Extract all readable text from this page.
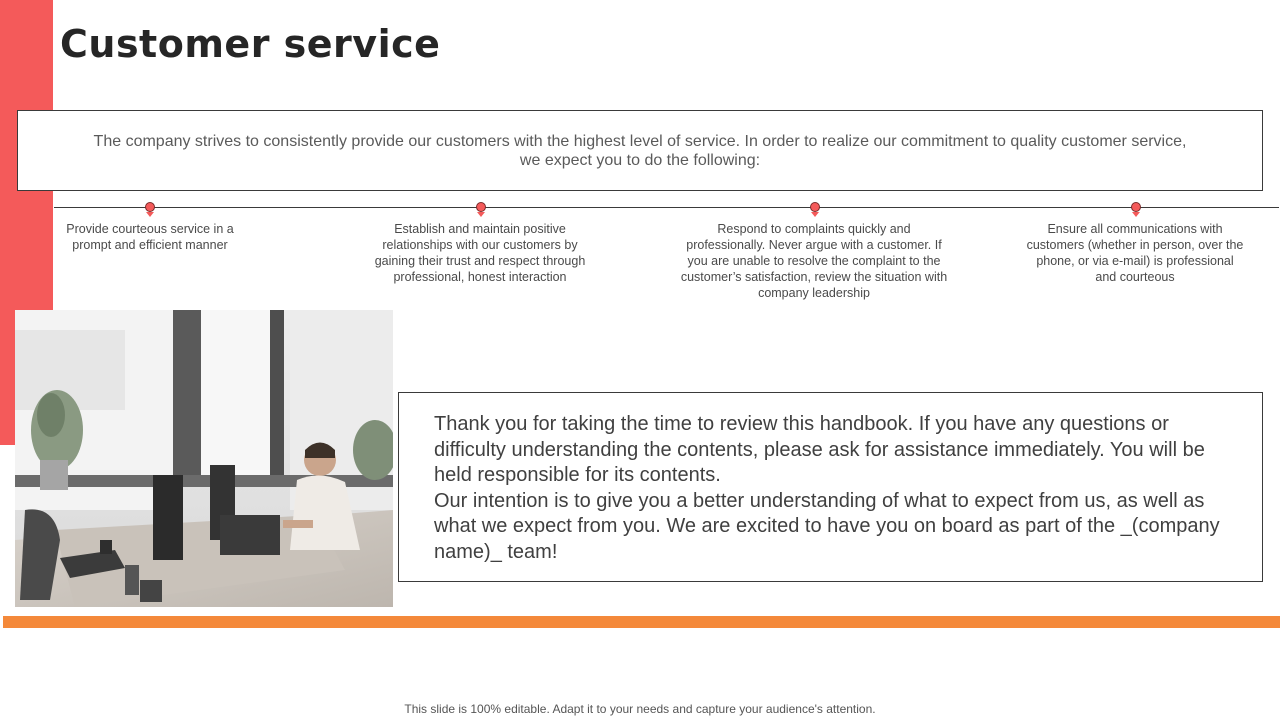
Customer service
The company strives to consistently provide our customers with the highest level of service. In order to realize our commitment to quality customer service, we expect you to do the following:
Provide courteous service in a prompt and efficient manner
Establish and maintain positive relationships with our customers by gaining their trust and respect through professional, honest interaction
Respond to complaints quickly and professionally. Never argue with a customer. If you are unable to resolve the complaint to the customer’s satisfaction, review the situation with company leadership
Ensure all communications with customers (whether in person, over the phone, or via e-mail) is professional and courteous

Thank you for taking the time to review this handbook. If you have any questions or difficulty understanding the contents, please ask for assistance immediately. You will be held responsible for its contents.

Our intention is to give you a better understanding of what to expect from us, as well as what we expect from you. We are excited to have you on board as part of the _(company name)_ team!

This slide is 100% editable. Adapt it to your needs and capture your audience's attention.
